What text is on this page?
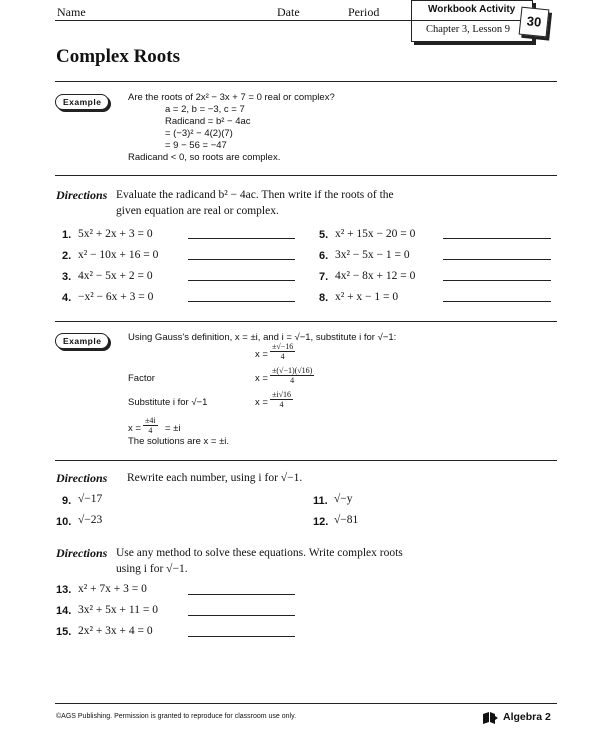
Name	Date	Period	Workbook Activity
Chapter 3, Lesson 9	30
Complex Roots
Example	Are the roots of 2x² − 3x + 7 = 0 real or complex?
a = 2, b = −3, c = 7
Radicand = b² − 4ac
= (−3)² − 4(2)(7)
= 9 − 56 = −47
Radicand < 0, so roots are complex.
Directions Evaluate the radicand b² − 4ac. Then write if the roots of the
given equation are real or complex.
1. 5x² + 2x + 3 = 0
2. x² − 10x + 16 = 0
3. 4x² − 5x + 2 = 0
4. −x² − 6x + 3 = 0
5. x² + 15x − 20 = 0
6. 3x² − 5x − 1 = 0
7. 4x² − 8x + 12 = 0
8. x² + x − 1 = 0
Example	Using Gauss's definition, x = ±i, and i = √−1, substitute i for √−1:
$x = \frac{\pm√-16}{4}$
Factor	$x = \frac{\pm(√-1)(√16)}{4}$
Substitute i for √−1	$x = \frac{\pm i√16}{4}$
$x = \frac{\pm 4i}{4} = \pm i$
The solutions are x = ±i.
Directions Rewrite each number, using i for √−1.
9. √−17
10. √−23
11. √−y
12. √−81
Directions Use any method to solve these equations. Write complex roots
using i for √−1.
13. x² + 7x + 3 = 0
14. 3x² + 5x + 11 = 0
15. 2x² + 3x + 4 = 0
©AGS Publishing. Permission is granted to reproduce for classroom use only.	Algebra 2
